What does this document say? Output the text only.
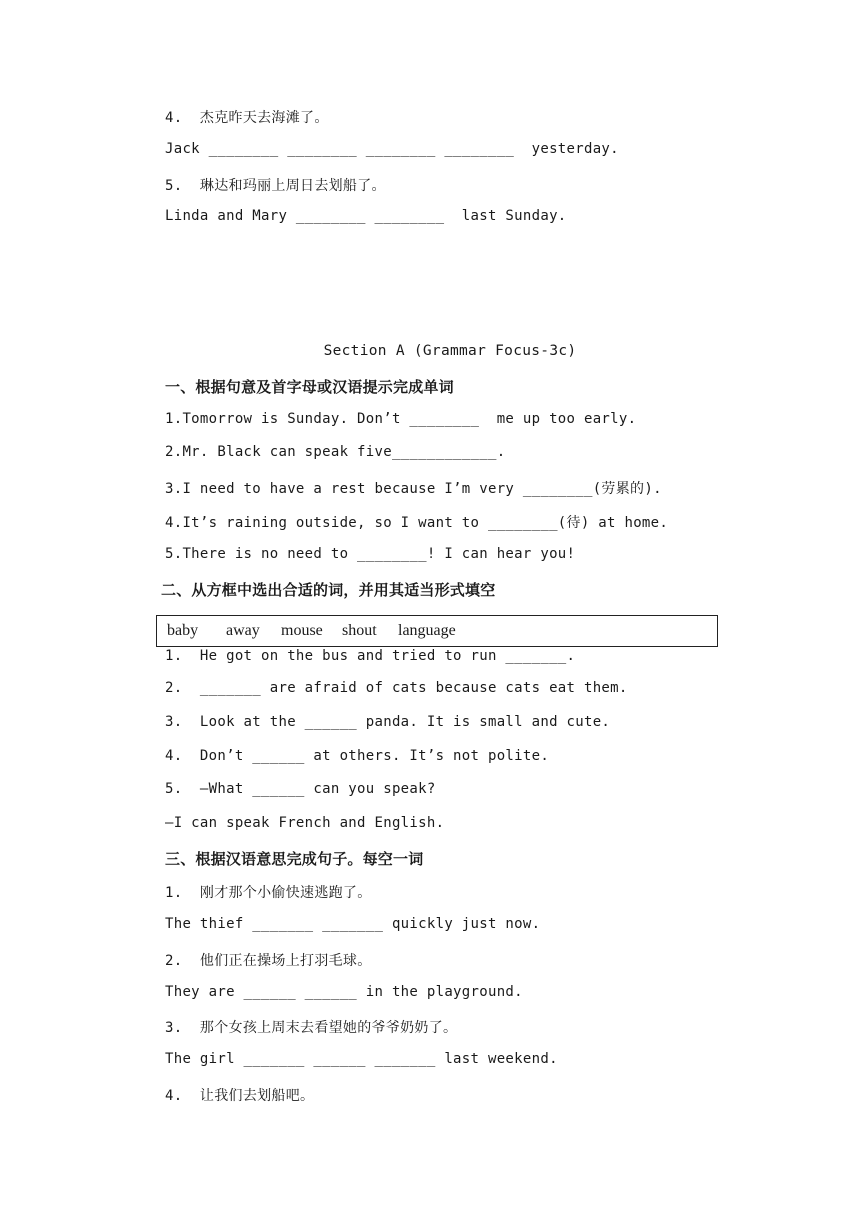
4.  杰克昨天去海滩了。
Jack ________ ________ ________ ________  yesterday.
5.  琳达和玛丽上周日去划船了。
Linda and Mary ________ ________  last Sunday.
Section A (Grammar Focus-3c)
一、根据句意及首字母或汉语提示完成单词
1.Tomorrow is Sunday. Don’t ________  me up too early.
2.Mr. Black can speak five____________.
3.I need to have a rest because I’m very ________(劳累的).
4.It’s raining outside, so I want to ________(待) at home.
5.There is no need to ________! I can hear you!
二、从方框中选出合适的词，并用其适当形式填空
baby away mouse shout language
1.  He got on the bus and tried to run _______.
2.  _______ are afraid of cats because cats eat them.
3.  Look at the ______ panda. It is small and cute.
4.  Don’t ______ at others. It’s not polite.
5.  —What ______ can you speak?
—I can speak French and English.
三、根据汉语意思完成句子。每空一词
1.  刚才那个小偷快速逃跑了。
The thief _______ _______ quickly just now.
2.  他们正在操场上打羽毛球。
They are ______ ______ in the playground.
3.  那个女孩上周末去看望她的爷爷奶奶了。
The girl _______ ______ _______ last weekend.
4.  让我们去划船吧。
